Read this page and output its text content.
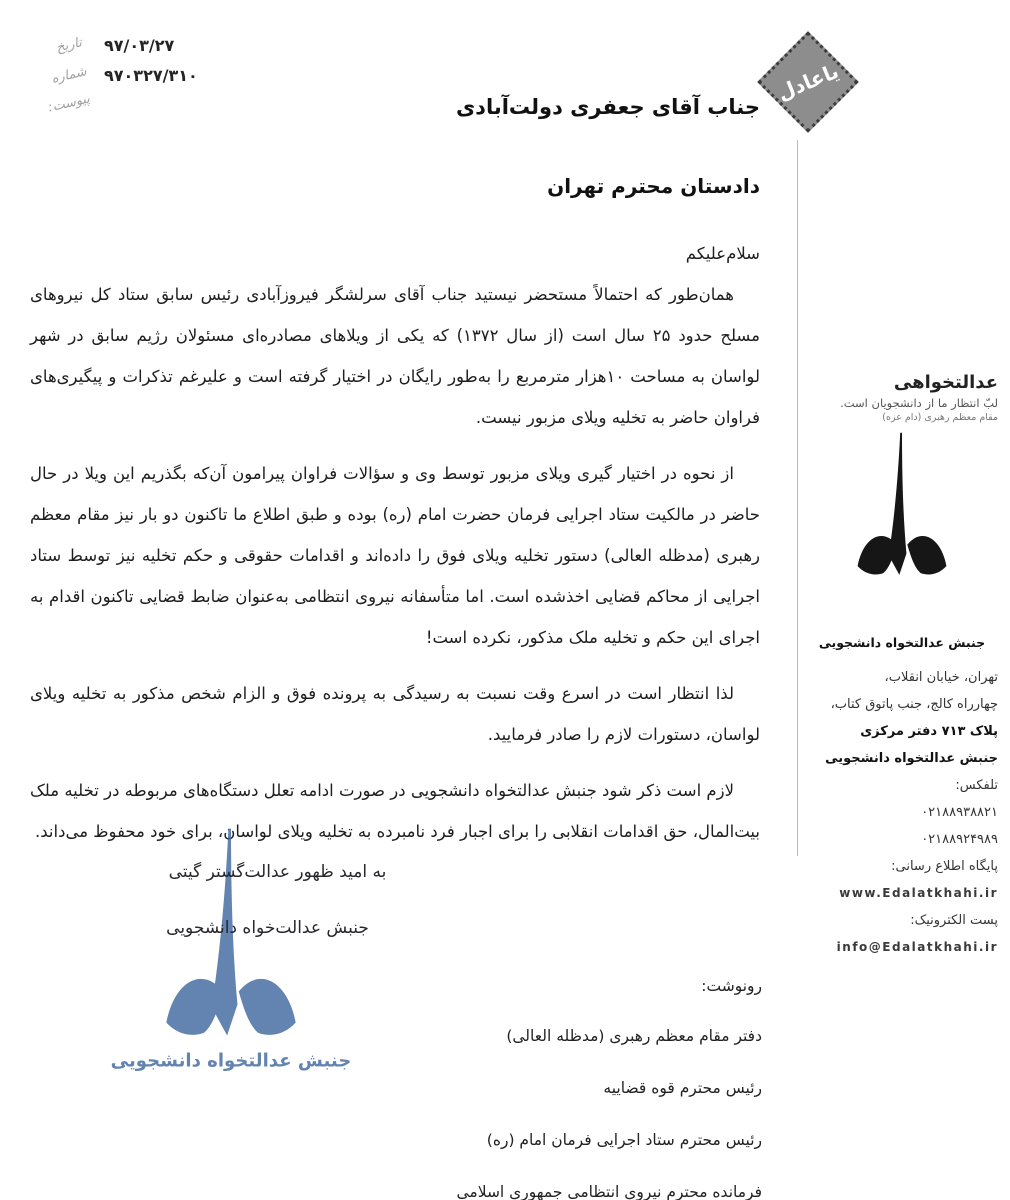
تاریخ	۹۷/۰۳/۲۷
شماره	۹۷۰۳۲۷/۳۱۰
پیوست:	یاعادل
عدالتخواهی
لبّ انتظار ما از دانشجویان است.
مقام معظم رهبری (دام عزه)
جنبش عدالتخواه دانشجویی
تهران، خیابان انقلاب،
چهارراه کالج، جنب پاتوق کتاب،
پلاک ۷۱۳ دفتر مرکزی
جنبش عدالتخواه دانشجویی
تلفکس:
۰۲۱۸۸۹۳۸۸۲۱
۰۲۱۸۸۹۲۴۹۸۹
پایگاه اطلاع رسانی:
www.Edalatkhahi.ir
پست الکترونیک:
info@Edalatkhahi.ir
جناب آقای جعفری دولت‌آبادی
دادستان محترم تهران
سلام‌علیکم

همان‌طور که احتمالاً مستحضر نیستید جناب آقای سرلشگر فیروزآبادی رئیس سابق ستاد کل نیروهای مسلح حدود ۲۵ سال است (از سال ۱۳۷۲) که یکی از ویلاهای مصادره‌ای مسئولان رژیم سابق در شهر لواسان به مساحت ۱۰هزار مترمربع را به‌طور رایگان در اختیار گرفته است و علیرغم تذکرات و پیگیری‌های فراوان حاضر به تخلیه ویلای مزبور نیست.

از نحوه در اختیار گیری ویلای مزبور توسط وی و سؤالات فراوان پیرامون آن‌که بگذریم این ویلا در حال حاضر در مالکیت ستاد اجرایی فرمان حضرت امام (ره) بوده و طبق اطلاع ما تاکنون دو بار نیز مقام معظم رهبری (مدظله العالی) دستور تخلیه ویلای فوق را داده‌اند و اقدامات حقوقی و حکم تخلیه نیز توسط ستاد اجرایی از محاکم قضایی اخذشده است. اما متأسفانه نیروی انتظامی به‌عنوان ضابط قضایی تاکنون اقدام به اجرای این حکم و تخلیه ملک مذکور، نکرده است!

لذا انتظار است در اسرع وقت نسبت به رسیدگی به پرونده فوق و الزام شخص مذکور به تخلیه ویلای لواسان، دستورات لازم را صادر فرمایید.

لازم است ذکر شود جنبش عدالتخواه دانشجویی در صورت ادامه تعلل دستگاه‌های مربوطه در تخلیه ملک بیت‌المال، حق اقدامات انقلابی را برای اجبار فرد نامبرده به تخلیه ویلای لواسان، برای خود محفوظ می‌داند.

جنبش عدالتخواه دانشجویی
به امید ظهور عدالت‌گستر گیتی
جنبش عدالت‌خواه دانشجویی
رونوشت:
دفتر مقام معظم رهبری (مدظله العالی)
رئیس محترم قوه قضاییه
رئیس محترم ستاد اجرایی فرمان امام (ره)
فرمانده محترم نیروی انتظامی جمهوری اسلامی
